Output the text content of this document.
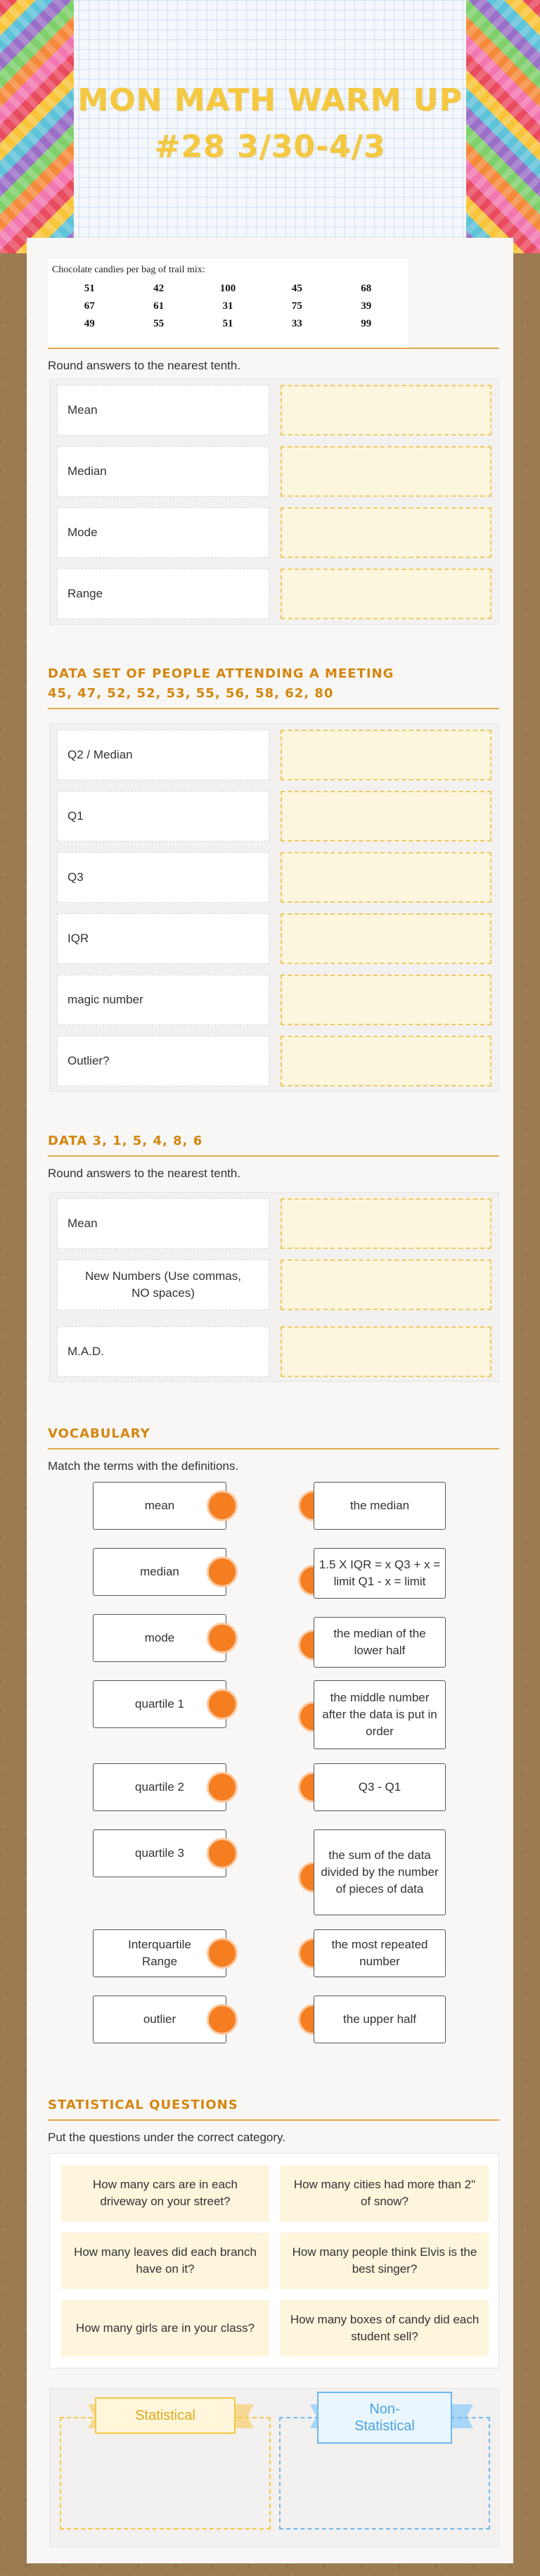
MON MATH WARM UP #28 3/30-4/3
Chocolate candies per bag of trail mix:
51	42	100	45	68
67	61	31	75	39
49	55	51	33	99
Round answers to the nearest tenth.
Mean
Median
Mode
Range
DATA SET OF PEOPLE ATTENDING A MEETING
45, 47, 52, 52, 53, 55, 56, 58, 62, 80
Q2 / Median
Q1
Q3
IQR
magic number
Outlier?
DATA 3, 1, 5, 4, 8, 6
Round answers to the nearest tenth.
Mean
New Numbers (Use commas, NO spaces)
M.A.D.
VOCABULARY
Match the terms with the definitions.
mean
median
mode
quartile 1
quartile 2
quartile 3
Interquartile Range
outlier
the median
1.5 X IQR = x Q3 + x = limit Q1 - x = limit
the median of the lower half
the middle number after the data is put in order
Q3 - Q1
the sum of the data divided by the number of pieces of data
the most repeated number
the upper half
STATISTICAL QUESTIONS
Put the questions under the correct category.
How many cars are in each driveway on your street?
How many cities had more than 2" of snow?
How many leaves did each branch have on it?
How many people think Elvis is the best singer?
How many girls are in your class?
How many boxes of candy did each student sell?
Statistical	Non-Statistical
